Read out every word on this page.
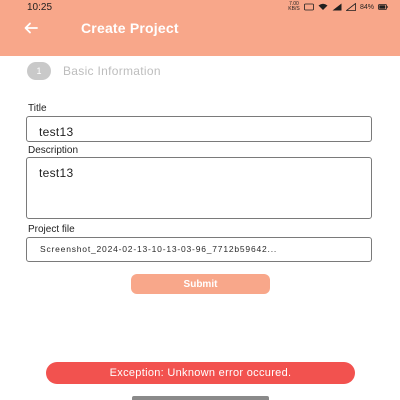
10:25	7.00
KB/S	84%
Create Project
1	Basic Information
Title
test13
Description
test13
Project file
Screenshot_2024-02-13-10-13-03-96_7712b59642...
Submit
Exception: Unknown error occured.
